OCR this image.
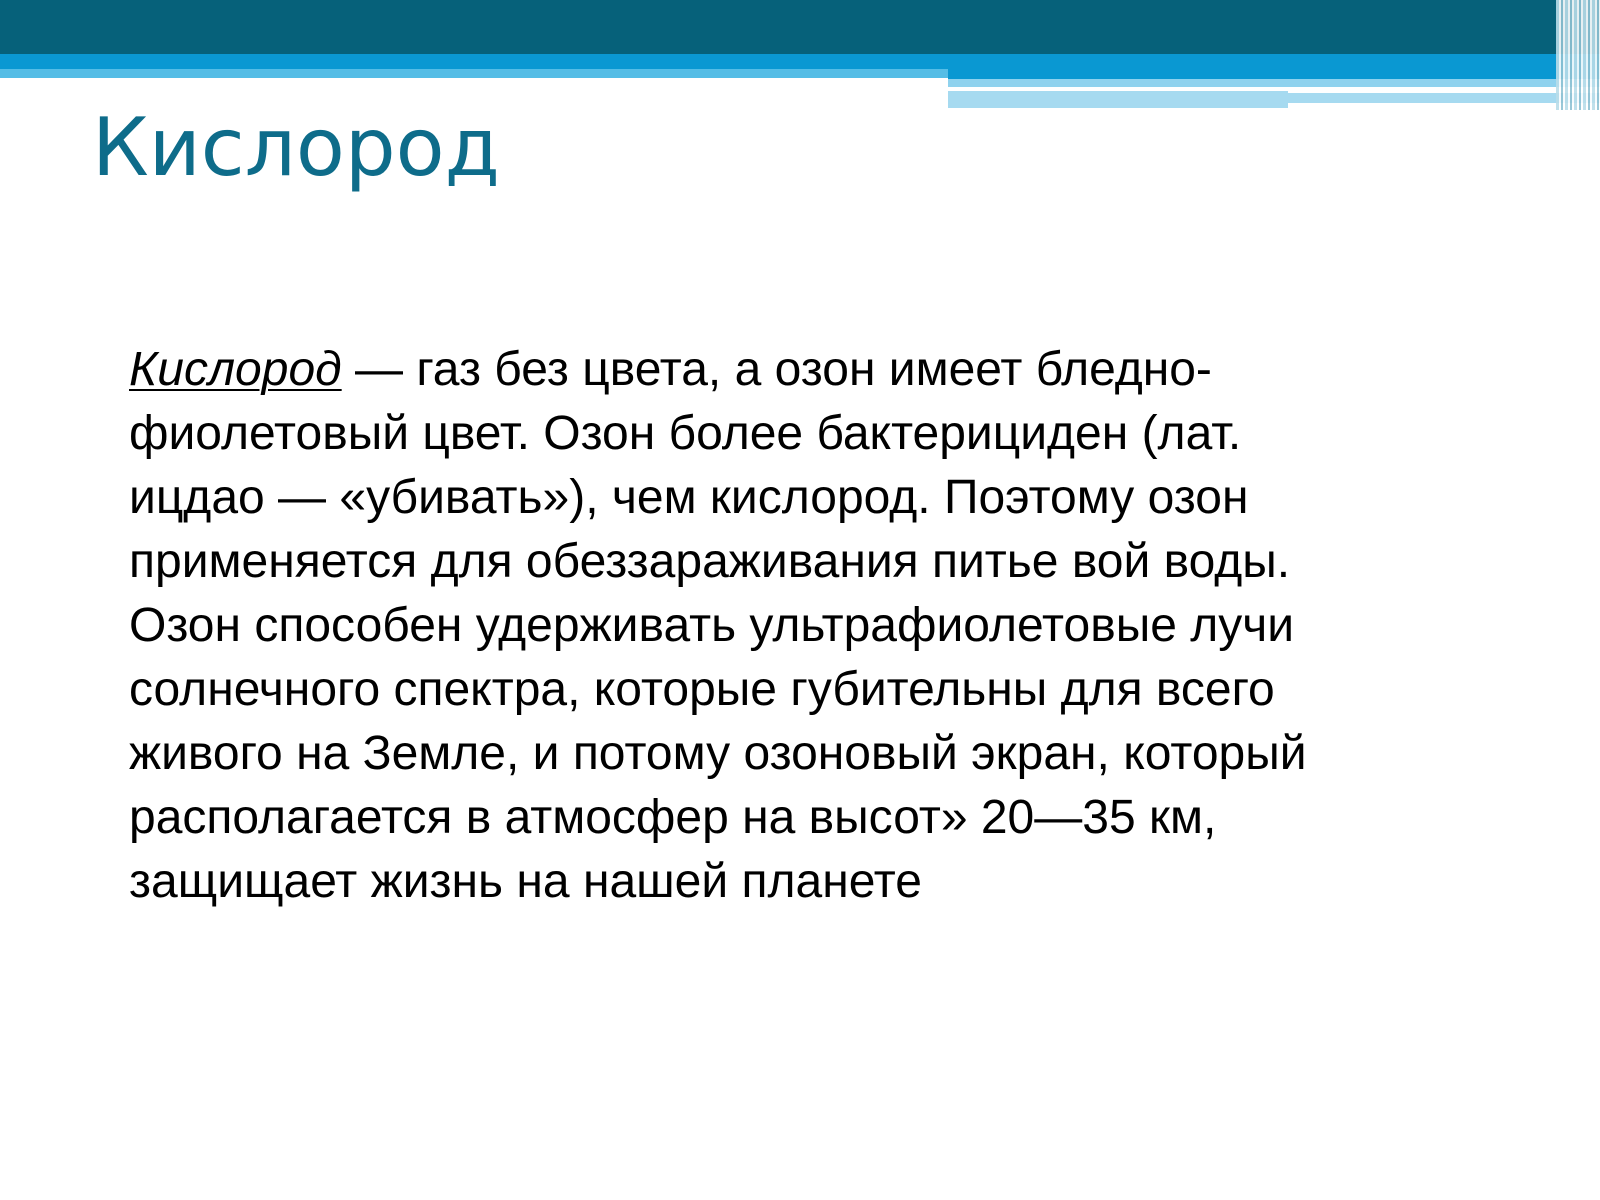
Кислород

Кислород — газ без цвета, а озон имеет бледно-фиолетовый цвет. Озон более бактерициден (лат. ицдао — «убивать»), чем кислород. Поэтому озон применяется для обеззараживания питье вой воды. Озон способен удерживать ультрафиолетовые лучи солнечного спектра, которые губительны для всего живого на Земле, и потому озоновый экран, который располагается в атмосфер на высот» 20—35 км, защищает жизнь на нашей планете
